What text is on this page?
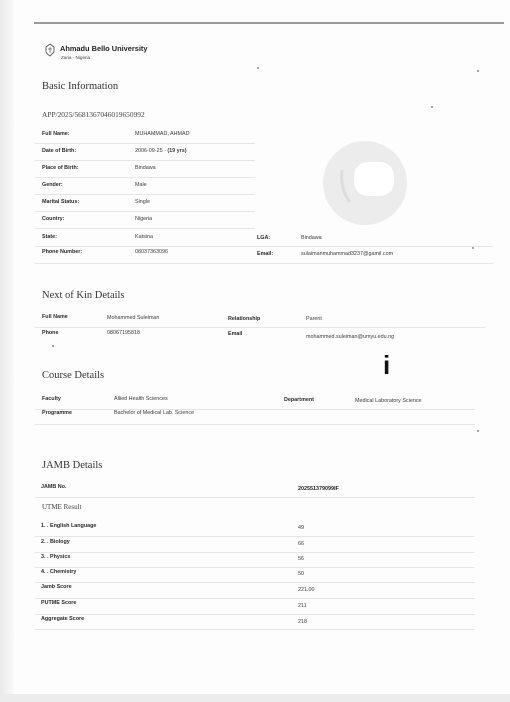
Ahmadu Bello University
Zaria - Nigeria
Basic Information
APP/2025/5681367046019650992
Full Name:	MUHAMMAD, AHMAD
Date of Birth:	2006-09-25 - (19 yrs)
Place of Birth:	Bindawa
Gender:	Male
Marital Status:	Single
Country:	Nigeria
State:	Katsina	LGA:	Bindawa
Phone Number:	08037363096	Email:	sulaimanmuhammad3237@gamil.com
Next of Kin Details
Full Name	Mohammed Suleiman	Relationship	Parent
Phone	08067195818	Email	mohammed.suleiman@umyu.edu.ng
i
Course Details
Faculty	Allied Health Sciences	Department	Medical Laboratory Science
Programme	Bachelor of Medical Lab. Science
JAMB Details
JAMB No.	202551379099IF
UTME Result
1. . English Language	49
2. . Biology	66
3. . Physics	56
4. . Chemistry	50
Jamb Score	221.00
PUTME Score	211
Aggregate Score	218
